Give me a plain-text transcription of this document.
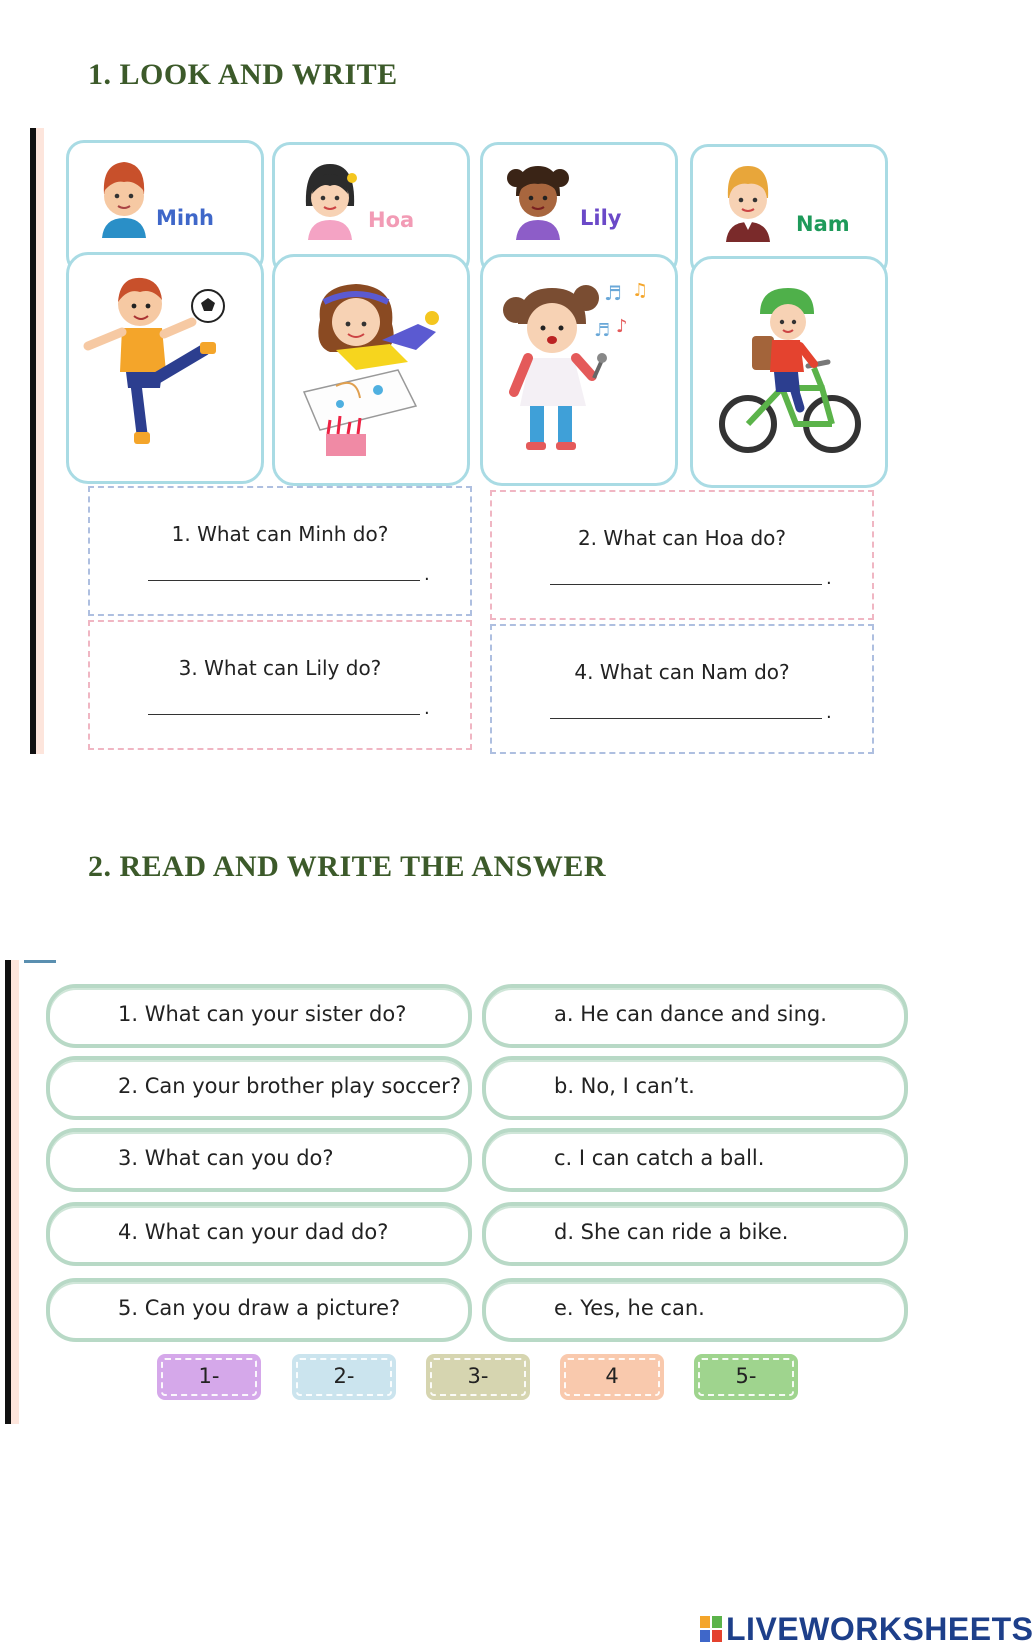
1. LOOK AND WRITE
Minh	Hoa	Lily
♬ ♫
♬ ♪
Nam
1. What can Minh do?
.
2. What can Hoa do?
.
3. What can Lily do?
.
4. What can Nam do?
.
2. READ AND WRITE THE ANSWER
1. What can your sister do?
2. Can your brother play soccer?
3. What can you do?
4. What can your dad do?
5. Can you draw a picture?
a. He can dance and sing.
b. No, I can’t.
c. I can catch a ball.
d. She can ride a bike.
e. Yes, he can.
1-	2-	3-	4	5-
LIVEWORKSHEETS
